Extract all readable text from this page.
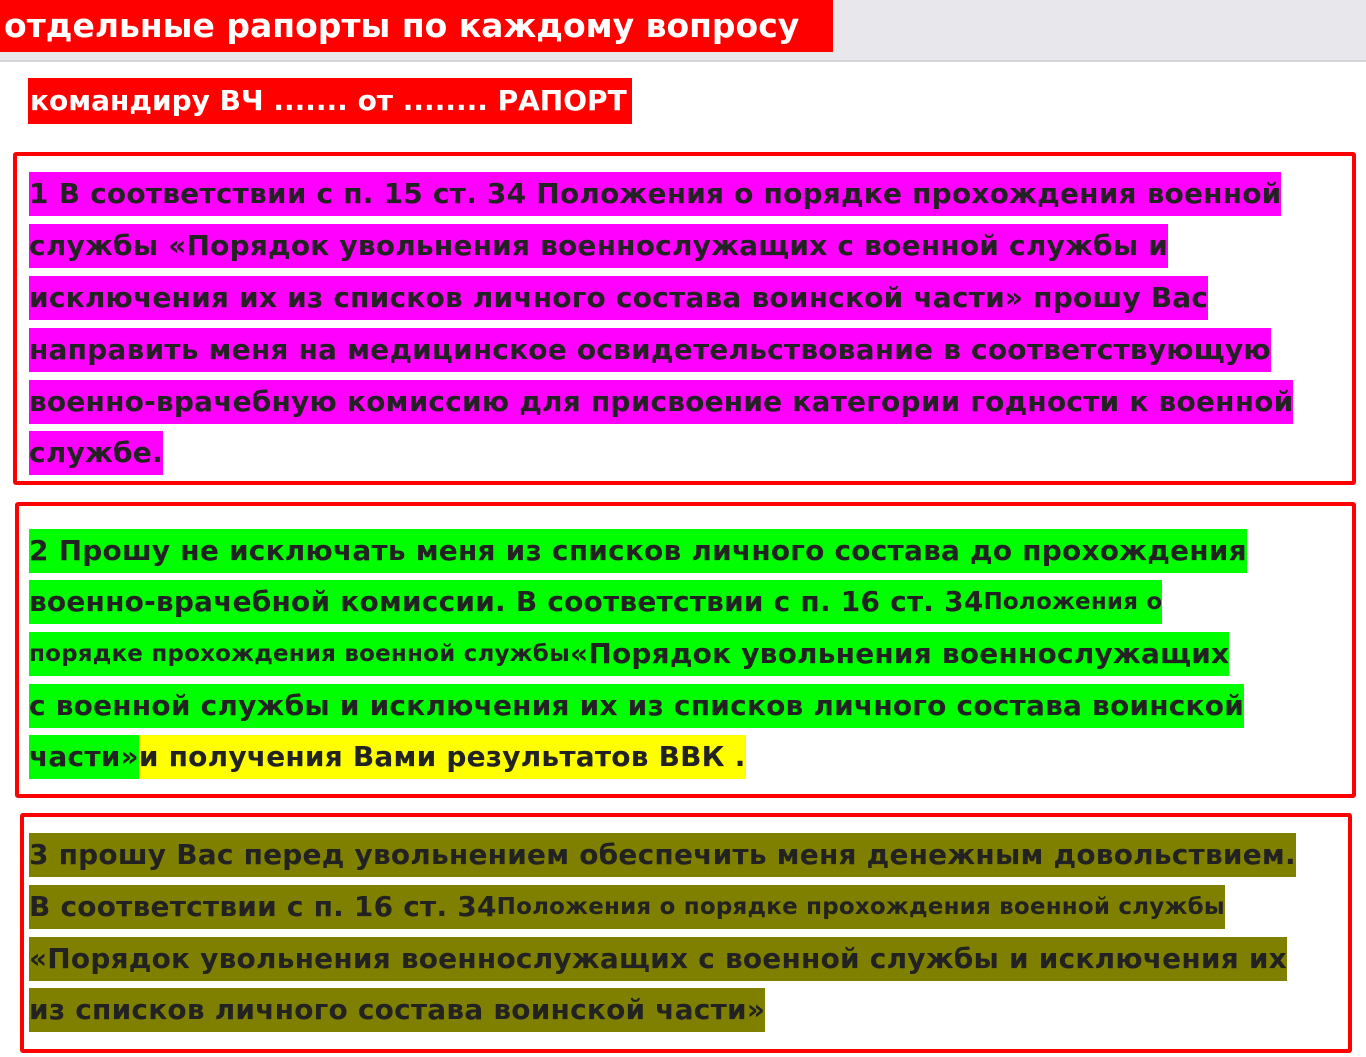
отдельные рапорты по каждому вопросу
командиру ВЧ ....... от ........ РАПОРТ
1 В соответствии с п. 15 ст. 34 Положения о порядке прохождения военной
службы «Порядок увольнения военнослужащих с военной службы и
исключения их из списков личного состава воинской части» прошу Вас
направить меня на медицинское освидетельствование в соответствующую
военно-врачебную комиссию для присвоение категории годности к военной
службе.
2 Прошу не исключать меня из списков личного состава до прохождения
военно-врачебной комиссии. В соответствии с п. 16 ст. 34Положения о
порядке прохождения военной службы«Порядок увольнения военнослужащих
с военной службы и исключения их из списков личного состава воинской
части»и получения Вами результатов ВВК .
3 прошу Вас перед увольнением обеспечить меня денежным довольствием.
В соответствии с п. 16 ст. 34Положения о порядке прохождения военной службы
«Порядок увольнения военнослужащих с военной службы и исключения их
из списков личного состава воинской части»
